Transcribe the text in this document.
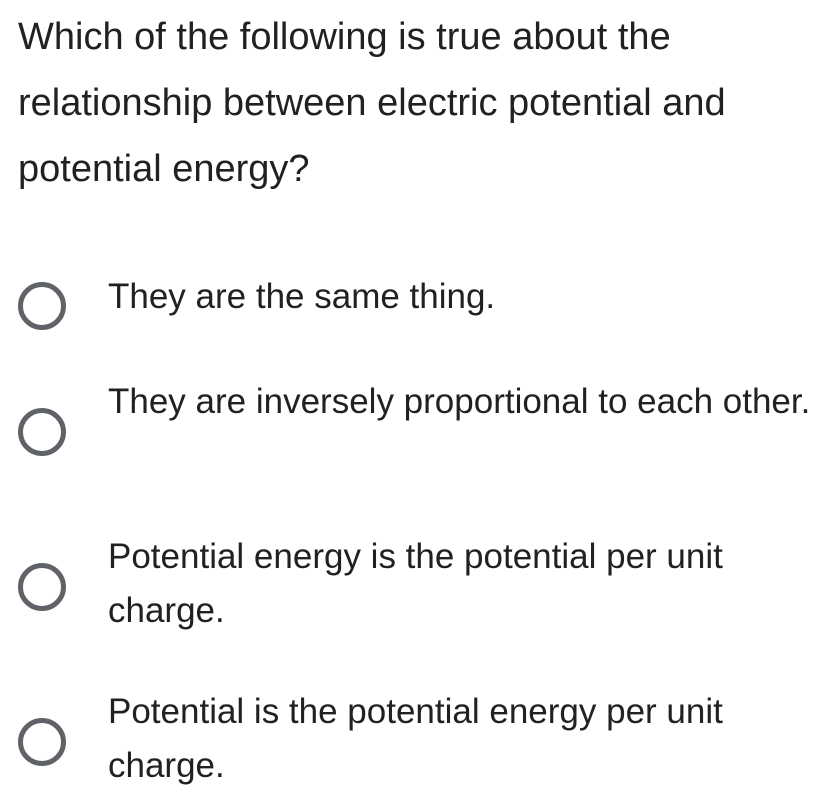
Which of the following is true about the relationship between electric potential and potential energy?
They are the same thing.
They are inversely proportional to each other.
Potential energy is the potential per unit charge.
Potential is the potential energy per unit charge.
